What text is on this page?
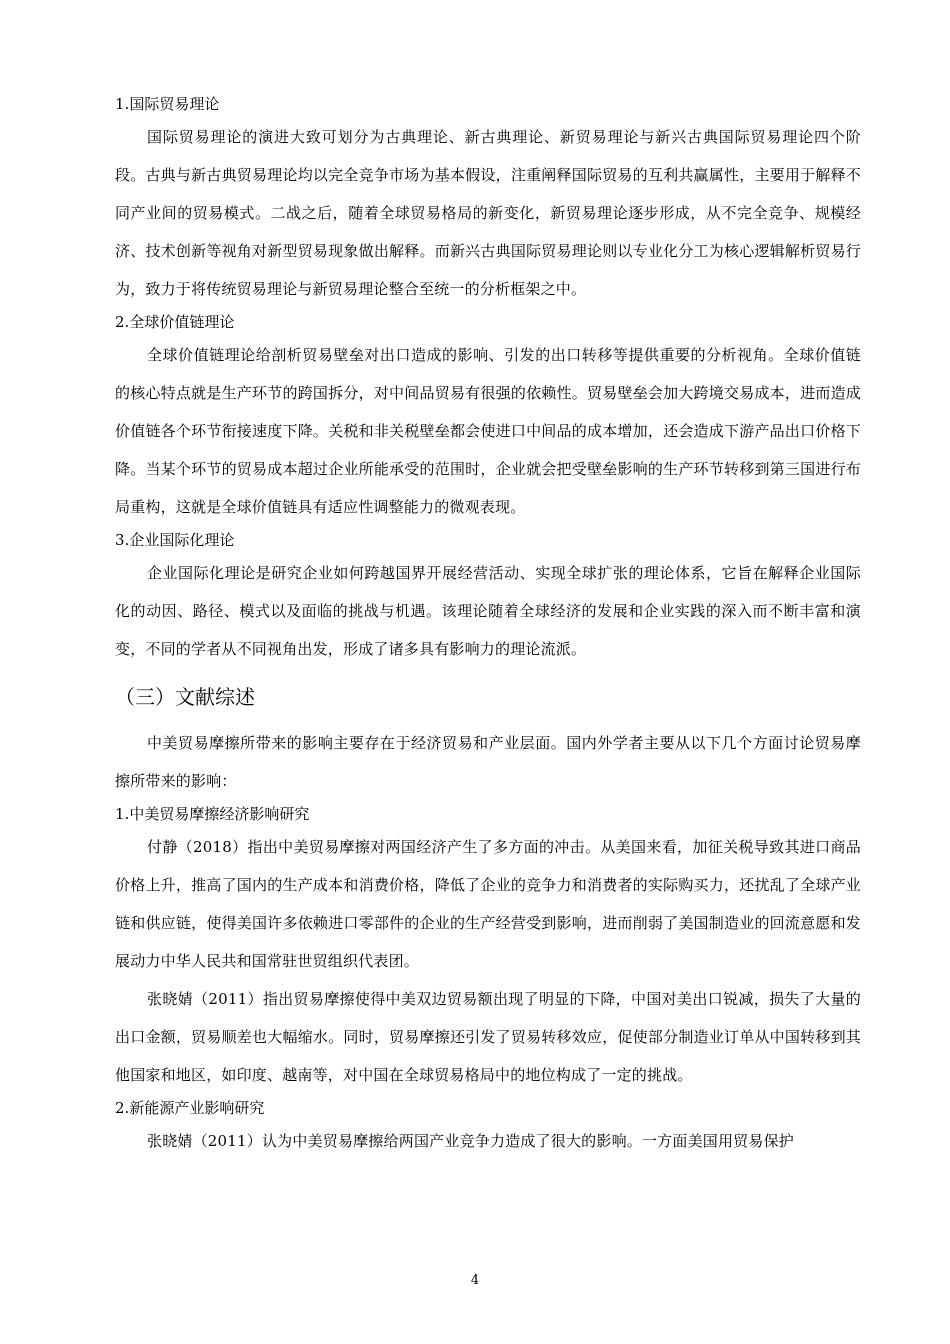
1.国际贸易理论

国际贸易理论的演进大致可划分为古典理论、新古典理论、新贸易理论与新兴古典国际贸易理论四个阶段。古典与新古典贸易理论均以完全竞争市场为基本假设，注重阐释国际贸易的互利共赢属性，主要用于解释不同产业间的贸易模式。二战之后，随着全球贸易格局的新变化，新贸易理论逐步形成，从不完全竞争、规模经济、技术创新等视角对新型贸易现象做出解释。而新兴古典国际贸易理论则以专业化分工为核心逻辑解析贸易行为，致力于将传统贸易理论与新贸易理论整合至统一的分析框架之中。

2.全球价值链理论

全球价值链理论给剖析贸易壁垒对出口造成的影响、引发的出口转移等提供重要的分析视角。全球价值链的核心特点就是生产环节的跨国拆分，对中间品贸易有很强的依赖性。贸易壁垒会加大跨境交易成本，进而造成价值链各个环节衔接速度下降。关税和非关税壁垒都会使进口中间品的成本增加，还会造成下游产品出口价格下降。当某个环节的贸易成本超过企业所能承受的范围时，企业就会把受壁垒影响的生产环节转移到第三国进行布局重构，这就是全球价值链具有适应性调整能力的微观表现。

3.企业国际化理论

企业国际化理论是研究企业如何跨越国界开展经营活动、实现全球扩张的理论体系，它旨在解释企业国际化的动因、路径、模式以及面临的挑战与机遇。该理论随着全球经济的发展和企业实践的深入而不断丰富和演变，不同的学者从不同视角出发，形成了诸多具有影响力的理论流派。

（三）文献综述

中美贸易摩擦所带来的影响主要存在于经济贸易和产业层面。国内外学者主要从以下几个方面讨论贸易摩擦所带来的影响：

1.中美贸易摩擦经济影响研究

付静（2018）指出中美贸易摩擦对两国经济产生了多方面的冲击。从美国来看，加征关税导致其进口商品价格上升，推高了国内的生产成本和消费价格，降低了企业的竞争力和消费者的实际购买力，还扰乱了全球产业链和供应链，使得美国许多依赖进口零部件的企业的生产经营受到影响，进而削弱了美国制造业的回流意愿和发展动力中华人民共和国常驻世贸组织代表团。

张晓婧（2011）指出贸易摩擦使得中美双边贸易额出现了明显的下降，中国对美出口锐减，损失了大量的出口金额，贸易顺差也大幅缩水。同时，贸易摩擦还引发了贸易转移效应，促使部分制造业订单从中国转移到其他国家和地区，如印度、越南等，对中国在全球贸易格局中的地位构成了一定的挑战。

2.新能源产业影响研究

张晓婧（2011）认为中美贸易摩擦给两国产业竞争力造成了很大的影响。一方面美国用贸易保护

4
